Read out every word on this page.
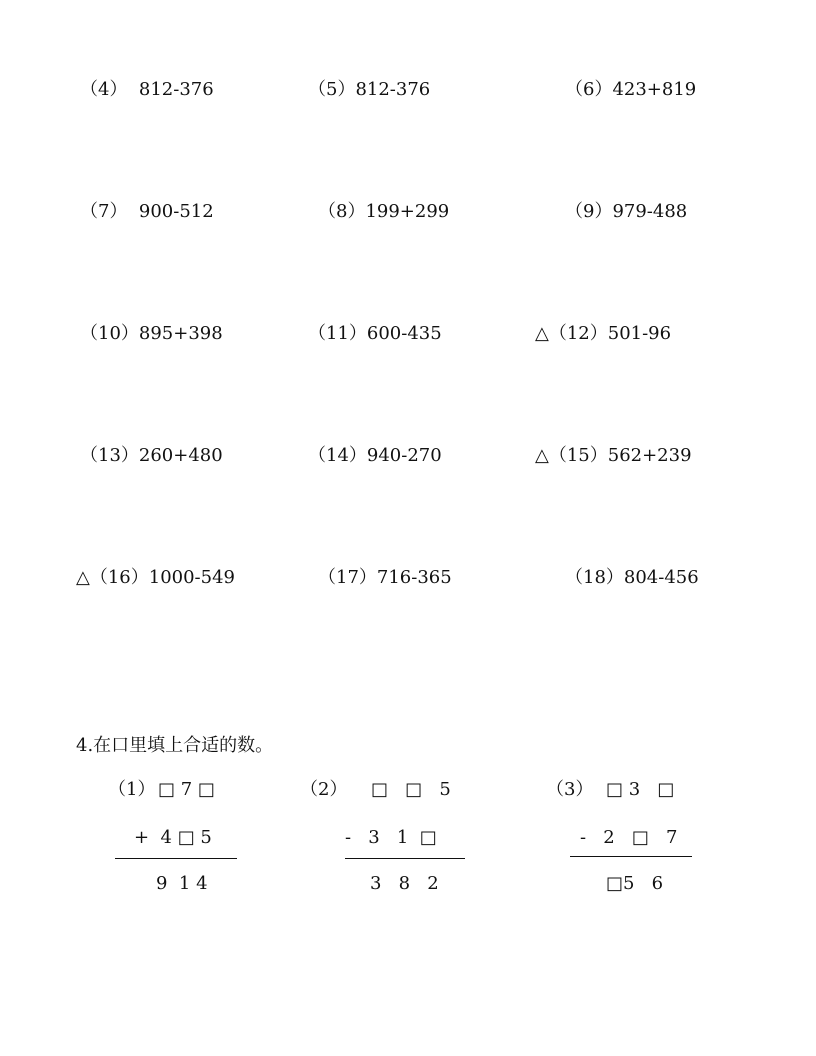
（4）  812-376	（5）812-376	（6）423+819
（7）  900-512	（8）199+299	（9）979-488
（10）895+398	（11）600-435	△（12）501-96
（13）260+480	（14）940-270	△（15）562+239
△（16）1000-549	（17）716-365	（18）804-456
4.在口里填上合适的数。
（1） □ 7 □
+  4 □ 5
9  1 4
（2） □   □   5
-   3   1  □
3   8   2
（3） □ 3   □
-   2   □   7
□5   6
